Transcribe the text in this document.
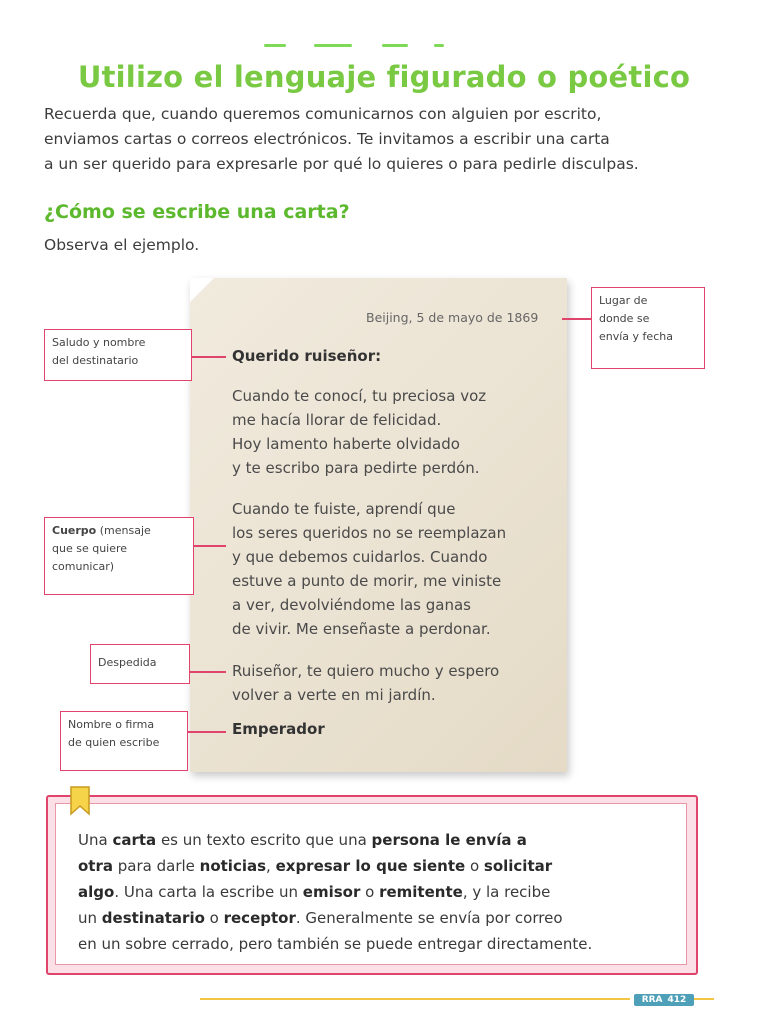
Utilizo el lenguaje figurado o poético
Recuerda que, cuando queremos comunicarnos con alguien por escrito,
enviamos cartas o correos electrónicos. Te invitamos a escribir una carta
a un ser querido para expresarle por qué lo quieres o para pedirle disculpas.
¿Cómo se escribe una carta?
Observa el ejemplo.
Beijing, 5 de mayo de 1869
Querido ruiseñor:
Cuando te conocí, tu preciosa voz
me hacía llorar de felicidad.
Hoy lamento haberte olvidado
y te escribo para pedirte perdón.
Cuando te fuiste, aprendí que
los seres queridos no se reemplazan
y que debemos cuidarlos. Cuando
estuve a punto de morir, me viniste
a ver, devolviéndome las ganas
de vivir. Me enseñaste a perdonar.
Ruiseñor, te quiero mucho y espero
volver a verte en mi jardín.
Emperador
Saludo y nombre
del destinatario
Lugar de
donde se
envía y fecha
Cuerpo (mensaje
que se quiere
comunicar)
Despedida
Nombre o firma
de quien escribe
Una carta es un texto escrito que una persona le envía a
otra para darle noticias, expresar lo que siente o solicitar
algo. Una carta la escribe un emisor o remitente, y la recibe
un destinatario o receptor. Generalmente se envía por correo
en un sobre cerrado, pero también se puede entregar directamente.
RRA 412
